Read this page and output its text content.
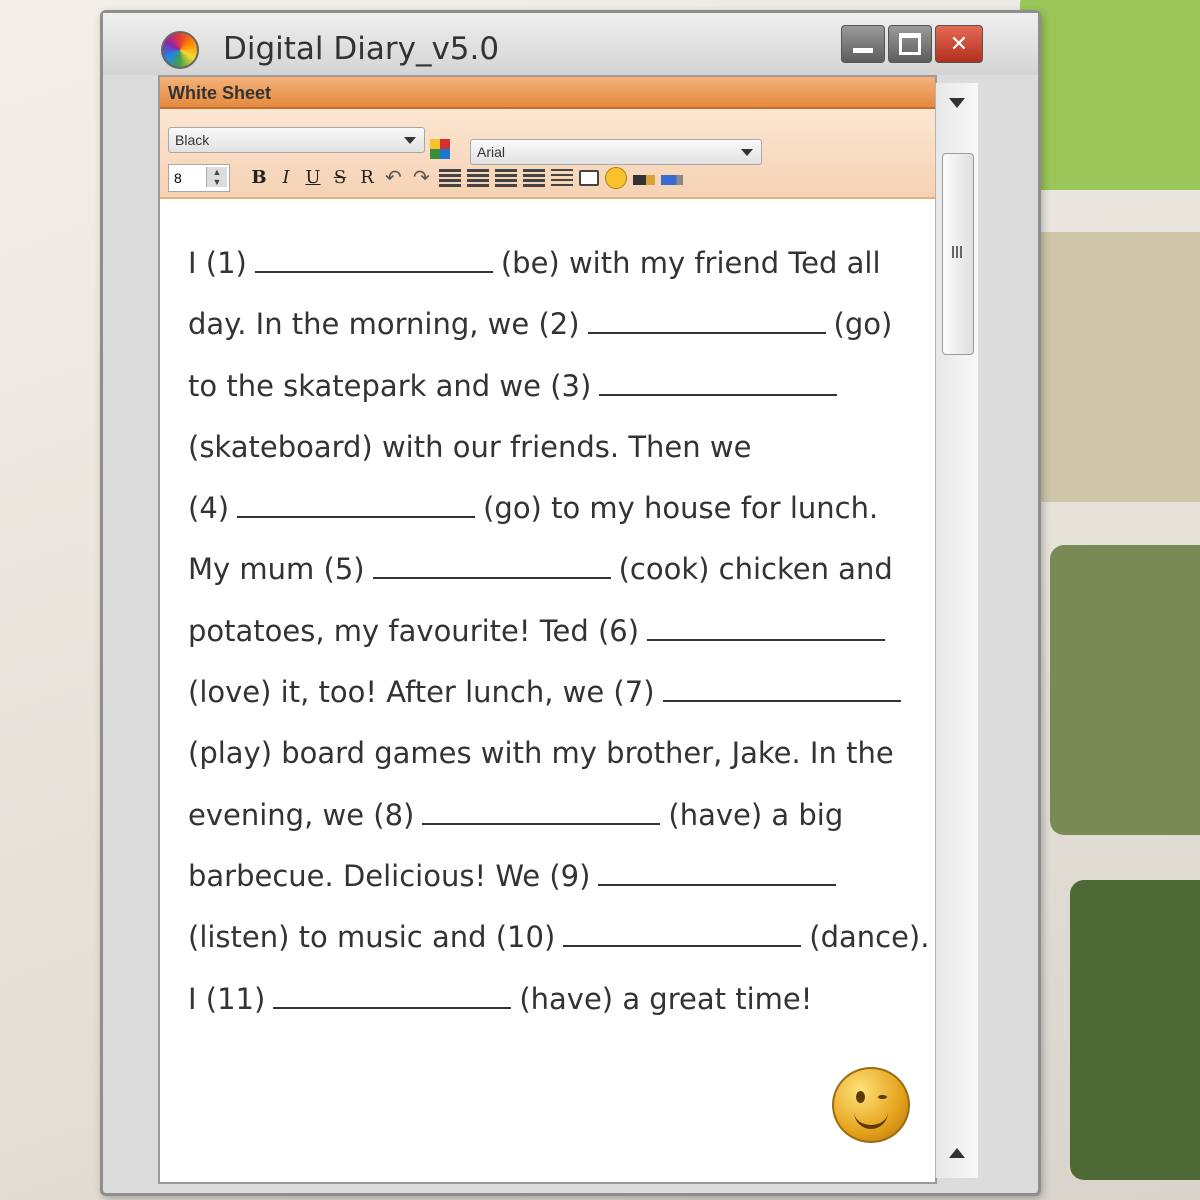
Digital Diary_v5.0	✕
White Sheet
Black
Arial
8	▲
▼	B I U S R
↶
↷
I (1)	(be) with my friend Ted all
day. In the morning, we (2)	(go)
to the skatepark and we (3)
(skateboard) with our friends. Then we
(4)	(go) to my house for lunch.
My mum (5)	(cook) chicken and
potatoes, my favourite! Ted (6)
(love) it, too! After lunch, we (7)
(play) board games with my brother, Jake. In the
evening, we (8)	(have) a big
barbecue. Delicious! We (9)
(listen) to music and (10)	(dance).
I (11)	(have) a great time!
